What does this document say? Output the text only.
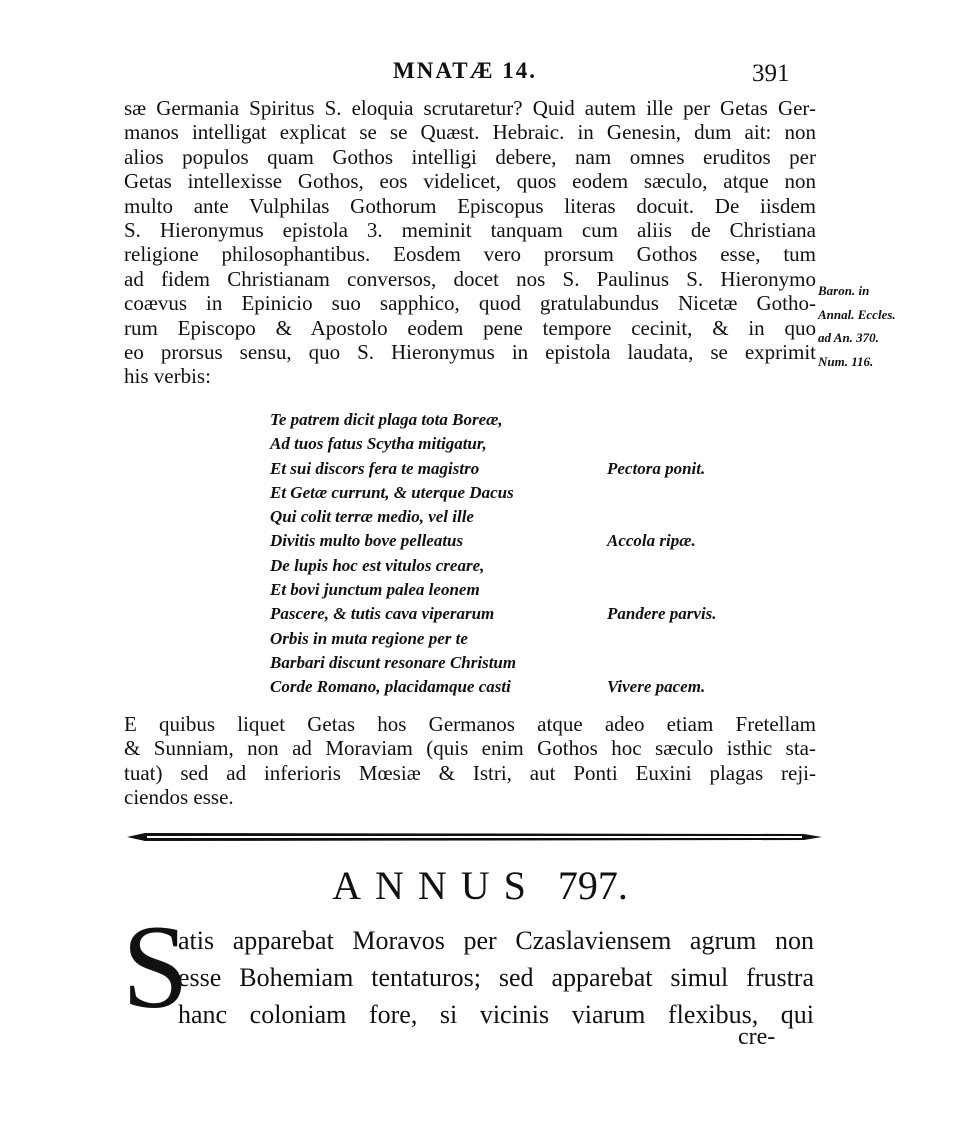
MNATÆ 14.	391
sæ Germania Spiritus S. eloquia scrutaretur? Quid autem ille per Getas Ger-
manos intelligat explicat se se Quæst. Hebraic. in Genesin, dum ait: non
alios populos quam Gothos intelligi debere, nam omnes eruditos per
Getas intellexisse Gothos, eos videlicet, quos eodem sæculo, atque non
multo ante Vulphilas Gothorum Episcopus literas docuit. De iisdem
S. Hieronymus epistola 3. meminit tanquam cum aliis de Christiana
religione philosophantibus. Eosdem vero prorsum Gothos esse, tum
ad fidem Christianam conversos, docet nos S. Paulinus S. Hieronymo
coævus in Epinicio suo sapphico, quod gratulabundus Nicetæ Gotho-
rum Episcopo & Apostolo eodem pene tempore cecinit, & in quo
eo prorsus sensu, quo S. Hieronymus in epistola laudata, se exprimit
his verbis:
Baron. in
Annal. Eccles.
ad An. 370.
Num. 116.
Te patrem dicit plaga tota Boreæ,
Ad tuos fatus Scytha mitigatur,
Et sui discors fera te magistro	Pectora ponit.
Et Getæ currunt, & uterque Dacus
Qui colit terræ medio, vel ille
Divitis multo bove pelleatus	Accola ripæ.
De lupis hoc est vitulos creare,
Et bovi junctum palea leonem
Pascere, & tutis cava viperarum	Pandere parvis.
Orbis in muta regione per te
Barbari discunt resonare Christum
Corde Romano, placidamque casti	Vivere pacem.
E quibus liquet Getas hos Germanos atque adeo etiam Fretellam
& Sunniam, non ad Moraviam (quis enim Gothos hoc sæculo isthic sta-
tuat) sed ad inferioris Mœsiæ & Istri, aut Ponti Euxini plagas reji-
ciendos esse.
ANNUS 797.
S
atis apparebat Moravos per Czaslaviensem agrum non
esse Bohemiam tentaturos; sed apparebat simul frustra
hanc coloniam fore, si vicinis viarum flexibus, qui
cre-
